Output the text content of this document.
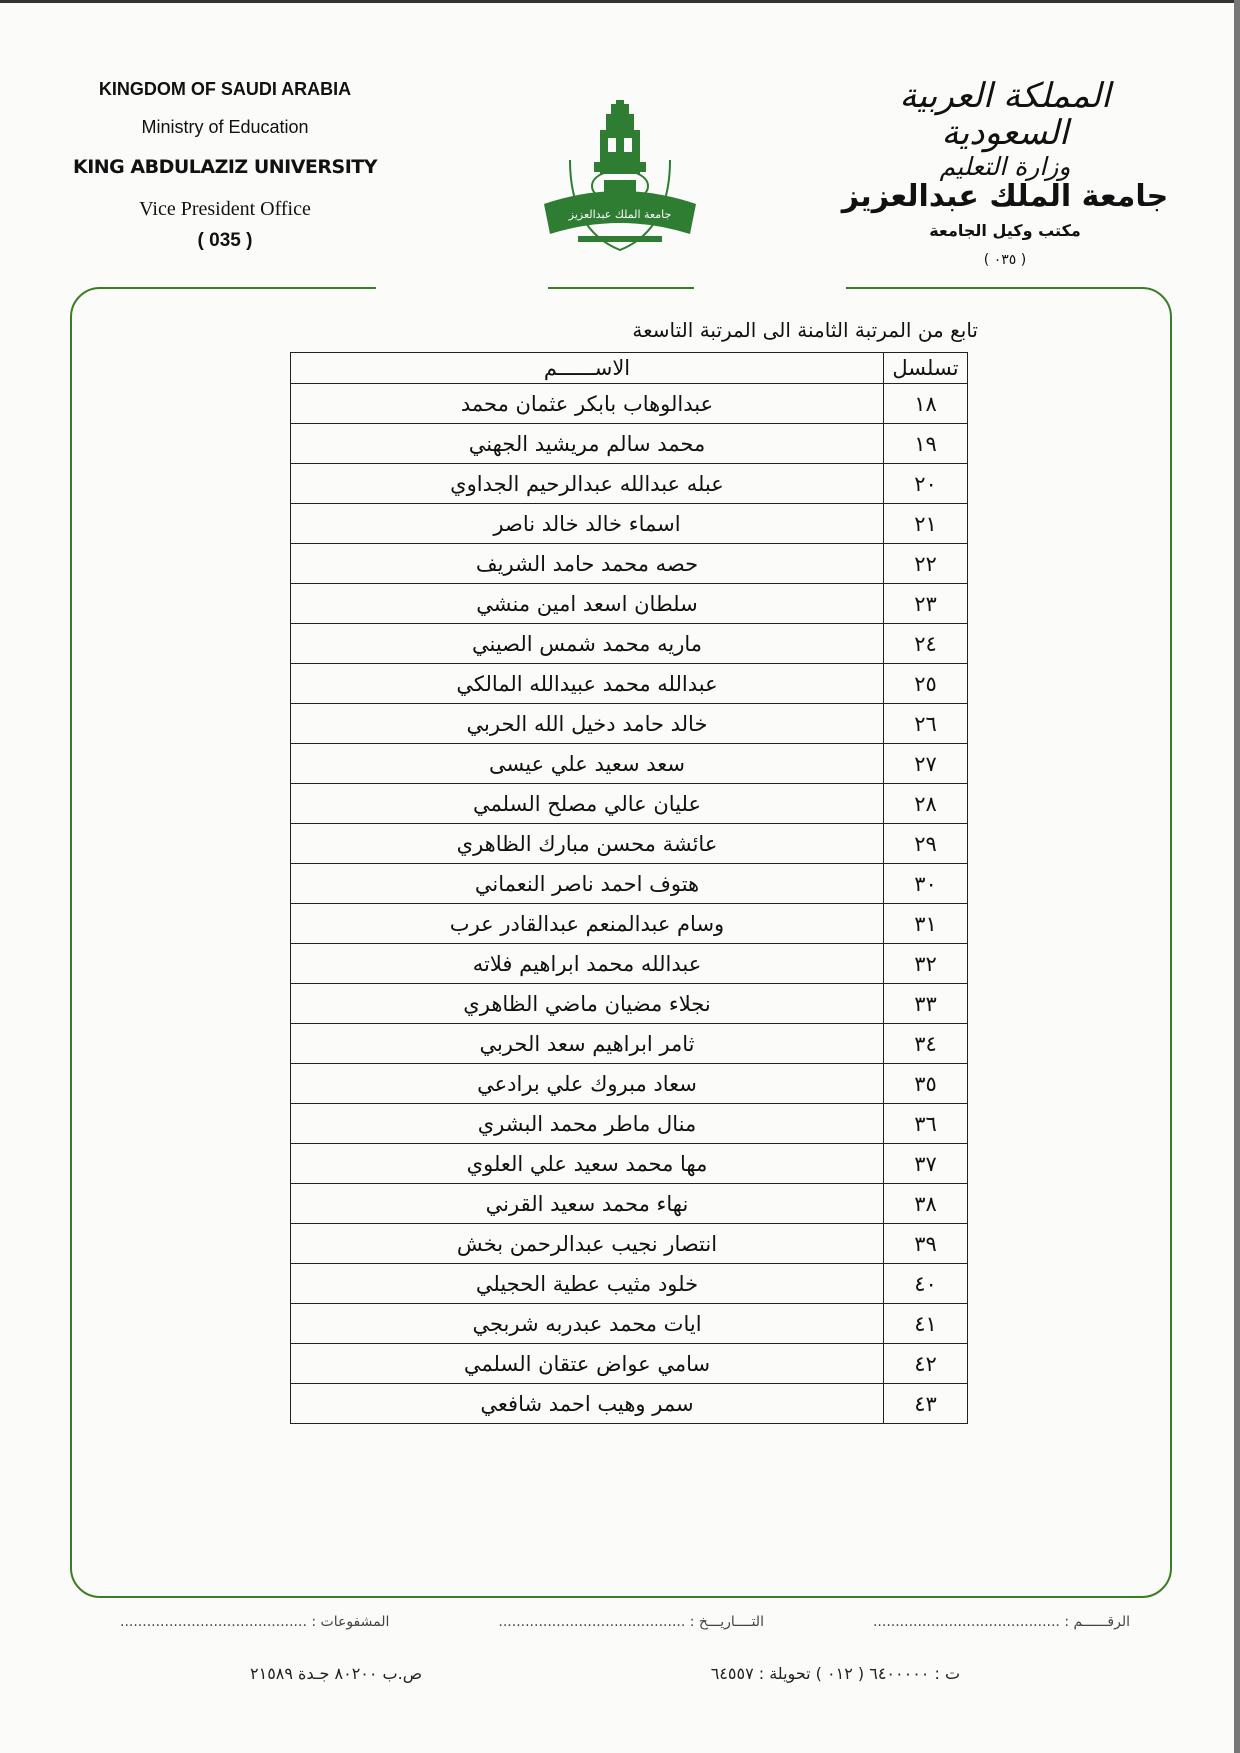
KINGDOM OF SAUDI ARABIA
Ministry of Education
KING ABDULAZIZ UNIVERSITY
Vice President Office
( 035 )
المملكة العربية السعودية
وزارة التعليم
جامعة الملك عبدالعزيز
مكتب وكيل الجامعة
( ٠٣٥ )
جامعة الملك عبدالعزيز
تابع من المرتبة الثامنة الى المرتبة التاسعة
تسلسل	الاســــــم
١٨	عبدالوهاب بابكر عثمان محمد
١٩	محمد سالم مريشيد الجهني
٢٠	عبله عبدالله عبدالرحيم الجداوي
٢١	اسماء خالد خالد ناصر
٢٢	حصه محمد حامد الشريف
٢٣	سلطان اسعد امين منشي
٢٤	ماريه محمد شمس الصيني
٢٥	عبدالله محمد عبيدالله المالكي
٢٦	خالد حامد دخيل الله الحربي
٢٧	سعد سعيد علي عيسى
٢٨	عليان عالي مصلح السلمي
٢٩	عائشة محسن مبارك الظاهري
٣٠	هتوف احمد ناصر النعماني
٣١	وسام عبدالمنعم عبدالقادر عرب
٣٢	عبدالله محمد ابراهيم فلاته
٣٣	نجلاء مضيان ماضي الظاهري
٣٤	ثامر ابراهيم سعد الحربي
٣٥	سعاد مبروك علي برادعي
٣٦	منال ماطر محمد البشري
٣٧	مها محمد سعيد علي العلوي
٣٨	نهاء محمد سعيد القرني
٣٩	انتصار نجيب عبدالرحمن بخش
٤٠	خلود مثيب عطية الحجيلي
٤١	ايات محمد عبدربه شربجي
٤٢	سامي عواض عتقان السلمي
٤٣	سمر وهيب احمد شافعي
الرقــــــم : ..........................................
التــــاريـــخ : ..........................................
المشفوعات : ..........................................
ت : ٦٤٠٠٠٠٠ ( ٠١٢ ) تحويلة : ٦٤٥٥٧
ص.ب ٨٠٢٠٠ جـدة ٢١٥٨٩
